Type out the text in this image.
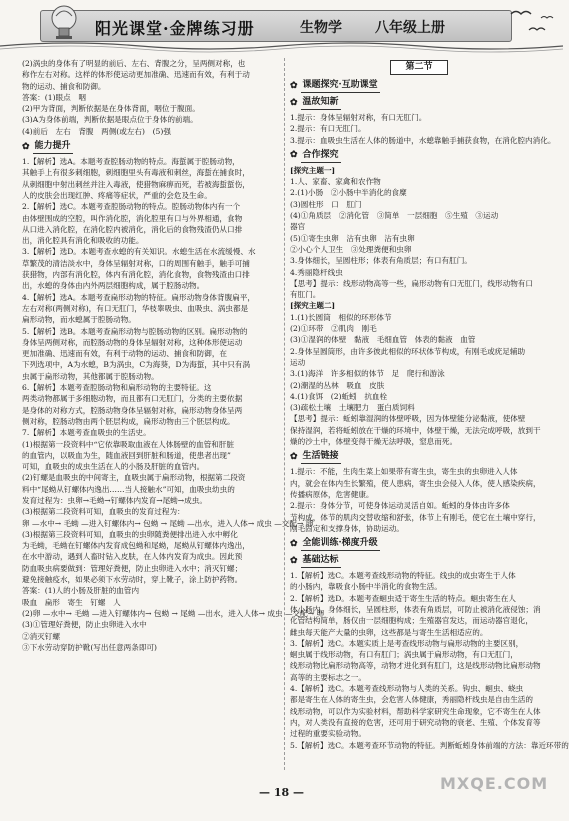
阳光课堂·金牌练习册	生物学 八年级上册
(2)涡虫的身体有了明显的前后、左右、背腹之分，呈两侧对称，也
称作左右对称。这样的体形使运动更加准确、迅速而有效，有利于动
物的运动、捕食和防御。
答案：(1)眼点　咽
(2)甲为背面，判断依据是在身体背面，咽位于腹面。
(3)A为身体前端，判断依据是眼点位于身体的前端。
(4)前后　左右　背腹　两侧(或左右)　(5)强
✿ 能力提升
1.【解析】选A。本题考查腔肠动物的特点。海蜇属于腔肠动物，
其触手上有很多刺细胞，刺细胞里头有毒液和刺丝，海蜇在捕食时，
从刺细胞中射出刺丝并注入毒液，使猎物麻痹而死，若被海蜇蜇伤，
人的皮肤会出现红肿、疼痛等症状，严重的会危及生命。
2.【解析】选C。本题考查腔肠动物的特点。腔肠动物体内有一个
由体壁围成的空腔，叫作消化腔，消化腔里有口与外界相通，食物
从口进入消化腔，在消化腔内被消化，消化后的食物残渣仍从口排
出，消化腔具有消化和吸收的功能。
3.【解析】选D。本题考查水螅的有关知识。水螅生活在水流缓慢、水
草繁茂的清洁淡水中，身体呈辐射对称，口的周围有触手，触手可捕
获猎物，内部有消化腔，体内有消化腔，消化食物，食物残渣由口排
出，水螅的身体由内外两层细胞构成，属于腔肠动物。
4.【解析】选A。本题考查扁形动物的特征。扁形动物身体背腹扁平，
左右对称(两侧对称)，有口无肛门，华枝睾吸虫、血吸虫、涡虫都是
扁形动物，而水螅属于腔肠动物。
5.【解析】选B。本题考查扁形动物与腔肠动物的区别。扁形动物的
身体呈两侧对称，而腔肠动物的身体呈辐射对称，这种体形使运动
更加准确、迅速而有效，有利于动物的运动、捕食和防御，在
下列选项中，A为水螅，B为涡虫，C为海葵，D为海蜇，其中只有涡
虫属于扁形动物，其他都属于腔肠动物。
6.【解析】本题考查腔肠动物和扁形动物的主要特征。这
两类动物都属于多细胞动物，而且都有口无肛门，分类的主要依据
是身体的对称方式，腔肠动物身体呈辐射对称，扁形动物身体呈两
侧对称，腔肠动物由两个胚层构成，扁形动物由三个胚层构成。
7.【解析】本题考查血吸虫的生活史。
(1)根据第一段资料中“它依靠吸取血液在人体肠壁的血管和肝脏
的血管内，以吸血为生，随血液回到肝脏和肠道，使患者出现”
可知，血吸虫的成虫生活在人的小肠及肝脏的血管内。
(2)钉螺是血吸虫的中间寄主，血吸虫属于扁形动物，根据第二段资
料中“尾蚴从钉螺体内逸出……当人接触水”可知，血吸虫幼虫的
发育过程为：虫卵→毛蚴→钉螺体内发育→尾蚴→成虫。
(3)根据第二段资料可知，血吸虫的发育过程为：
卵 —水中→ 毛蚴 —进入钉螺体内→ 包蚴 → 尾蚴 —出水，进入人体→ 成虫 —交配→ 卵
(3)根据第三段资料可知，血吸虫的虫卵随粪便排出进入水中孵化
为毛蚴，毛蚴在钉螺体内发育成包蚴和尾蚴，尾蚴从钉螺体内逸出，
在水中游动，遇到人畜时钻入皮肤，在人体内发育为成虫。因此预
防血吸虫病要做到：管理好粪便，防止虫卵进入水中；消灭钉螺；
避免接触疫水，如果必须下水劳动时，穿上靴子，涂上防护药物。
答案：(1)人的小肠及肝脏的血管内
吸血　扁形　寄生　钉螺　人
(2)卵 —水中→ 毛蚴 —进入钉螺体内→ 包蚴 → 尾蚴 —出水，进入人体→ 成虫 —交配→ 卵
(3)①管理好粪便，防止虫卵进入水中
②消灭钉螺
③下水劳动穿防护靴(写出任意两条即可)
第二节
✿ 课题探究·互助课堂
✿ 温故知新
1.提示：身体呈辐射对称，有口无肛门。
2.提示：有口无肛门。
3.提示：血吸虫生活在人体的肠道中，水螅靠触手捕获食物，在消化腔内消化。
✿ 合作探究
[探究主题一]
1.人、家畜、家禽和农作物
2.(1)小肠　②小肠中半消化的食糜
(3)圆柱形　口　肛门
(4)①角质层　②消化管　③简单　一层细胞　⑤生殖　③运动
器官
(5)①寄生虫卵　沾有虫卵　沾有虫卵
②小心个人卫生　③处理粪便和虫卵
3.身体细长，呈圆柱形；体表有角质层；有口有肛门。
4.秀丽隐杆线虫
【思考】提示：线形动物高等一些，扁形动物有口无肛门，线形动物有口
有肛门。
[探究主题二]
1.(1)长圆筒　相似的环形体节
(2)①环带　②肌肉　刚毛
(3)①湿润的体壁　黏液　毛细血管　体表的黏液　血管
2.身体呈圆筒形，由许多彼此相似的环状体节构成，有刚毛或疣足辅助
运动
3.(1)海洋　许多相似的体节　足　爬行和游泳
(2)潮湿的丛林　吸血　皮肤
4.(1)食饵　(2)蚯蚓　抗血栓
(3)疏松土壤　土壤肥力　蛋白质饲料
【思考】提示：蚯蚓靠湿润的体壁呼吸，因为体壁能分泌黏液，使体壁
保持湿润，若将蚯蚓放在干燥的环境中，体壁干燥，无法完成呼吸，放到干
燥的沙土中，体壁变得干燥无法呼吸，窒息而死。
✿ 生活链接
1.提示：不能，生肉生菜上如果带有寄生虫，寄生虫的虫卵进入人体
内，就会在体内生长繁殖，使人患病，寄生虫会侵入人体，使人感染疾病，
传播病原体，危害健康。
2.提示：身体分节，可使身体运动灵活自如。蚯蚓的身体由许多体
节构成，体节的肌肉交替收缩和舒张，体节上有刚毛，使它在土壤中穿行，
刚毛固定和支撑身体，协助运动。
✿ 全能训练·梯度升级
✿ 基础达标
1.【解析】选C。本题考查线形动物的特征。线虫的成虫寄生于人体
的小肠内，靠吸食小肠中半消化的食物生活。
2.【解析】选D。本题考查蛔虫适于寄生生活的特点。蛔虫寄生在人
体小肠内，身体细长，呈圆柱形，体表有角质层，可防止被消化液侵蚀；消
化管结构简单，肠仅由一层细胞构成；生殖器官发达，而运动器官退化，
雌虫每天能产大量的虫卵，这些都是与寄生生活相适应的。
3.【解析】选C。本题实质上是考查线形动物与扁形动物的主要区别，
蛔虫属于线形动物，有口有肛门；涡虫属于扁形动物，有口无肛门，
线形动物比扁形动物高等，动物才进化到有肛门，这是线形动物比扁形动物
高等的主要标志之一。
4.【解析】选C。本题考查线形动物与人类的关系。钩虫、蛔虫、蛲虫
都是寄生在人体的寄生虫，会危害人体健康，秀丽隐杆线虫是自由生活的
线形动物，可以作为实验材料，帮助科学家研究生命现象，它不寄生在人体
内，对人类没有直接的危害，还可用于研究动物的衰老、生殖、个体发育等
过程的重要实验动物。
5.【解析】选C。本题考查环节动物的特征。判断蚯蚓身体前端的方法：靠近环带的
— 18 —	MXQE.COM
